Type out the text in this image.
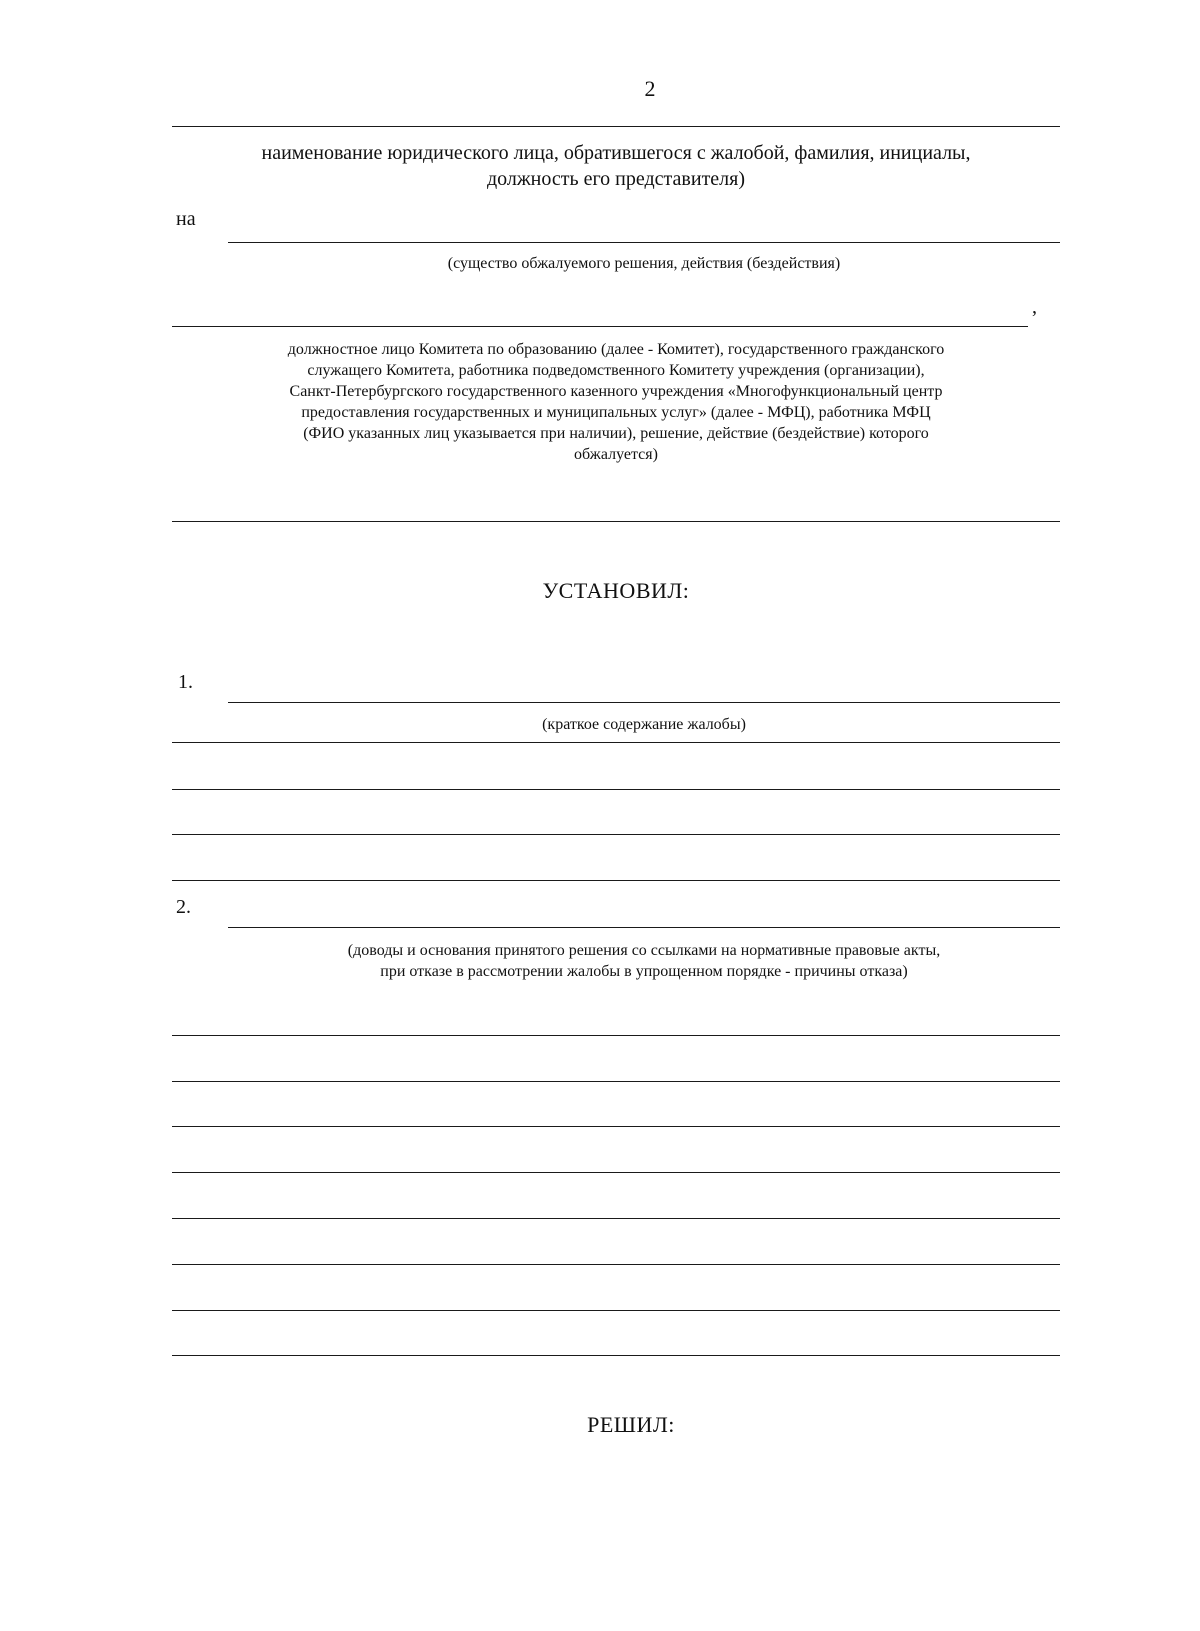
2
наименование юридического лица, обратившегося с жалобой, фамилия, инициалы,
должность его представителя)
на
(существо обжалуемого решения, действия (бездействия)
,
должностное лицо Комитета по образованию (далее - Комитет), государственного гражданского
служащего Комитета, работника подведомственного Комитету учреждения (организации),
Санкт-Петербургского государственного казенного учреждения «Многофункциональный центр
предоставления государственных и муниципальных услуг» (далее - МФЦ), работника МФЦ
(ФИО указанных лиц указывается при наличии), решение, действие (бездействие) которого
обжалуется)
УСТАНОВИЛ:
1.
(краткое содержание жалобы)
2.
(доводы и основания принятого решения со ссылками на нормативные правовые акты,
при отказе в рассмотрении жалобы в упрощенном порядке - причины отказа)
РЕШИЛ:
